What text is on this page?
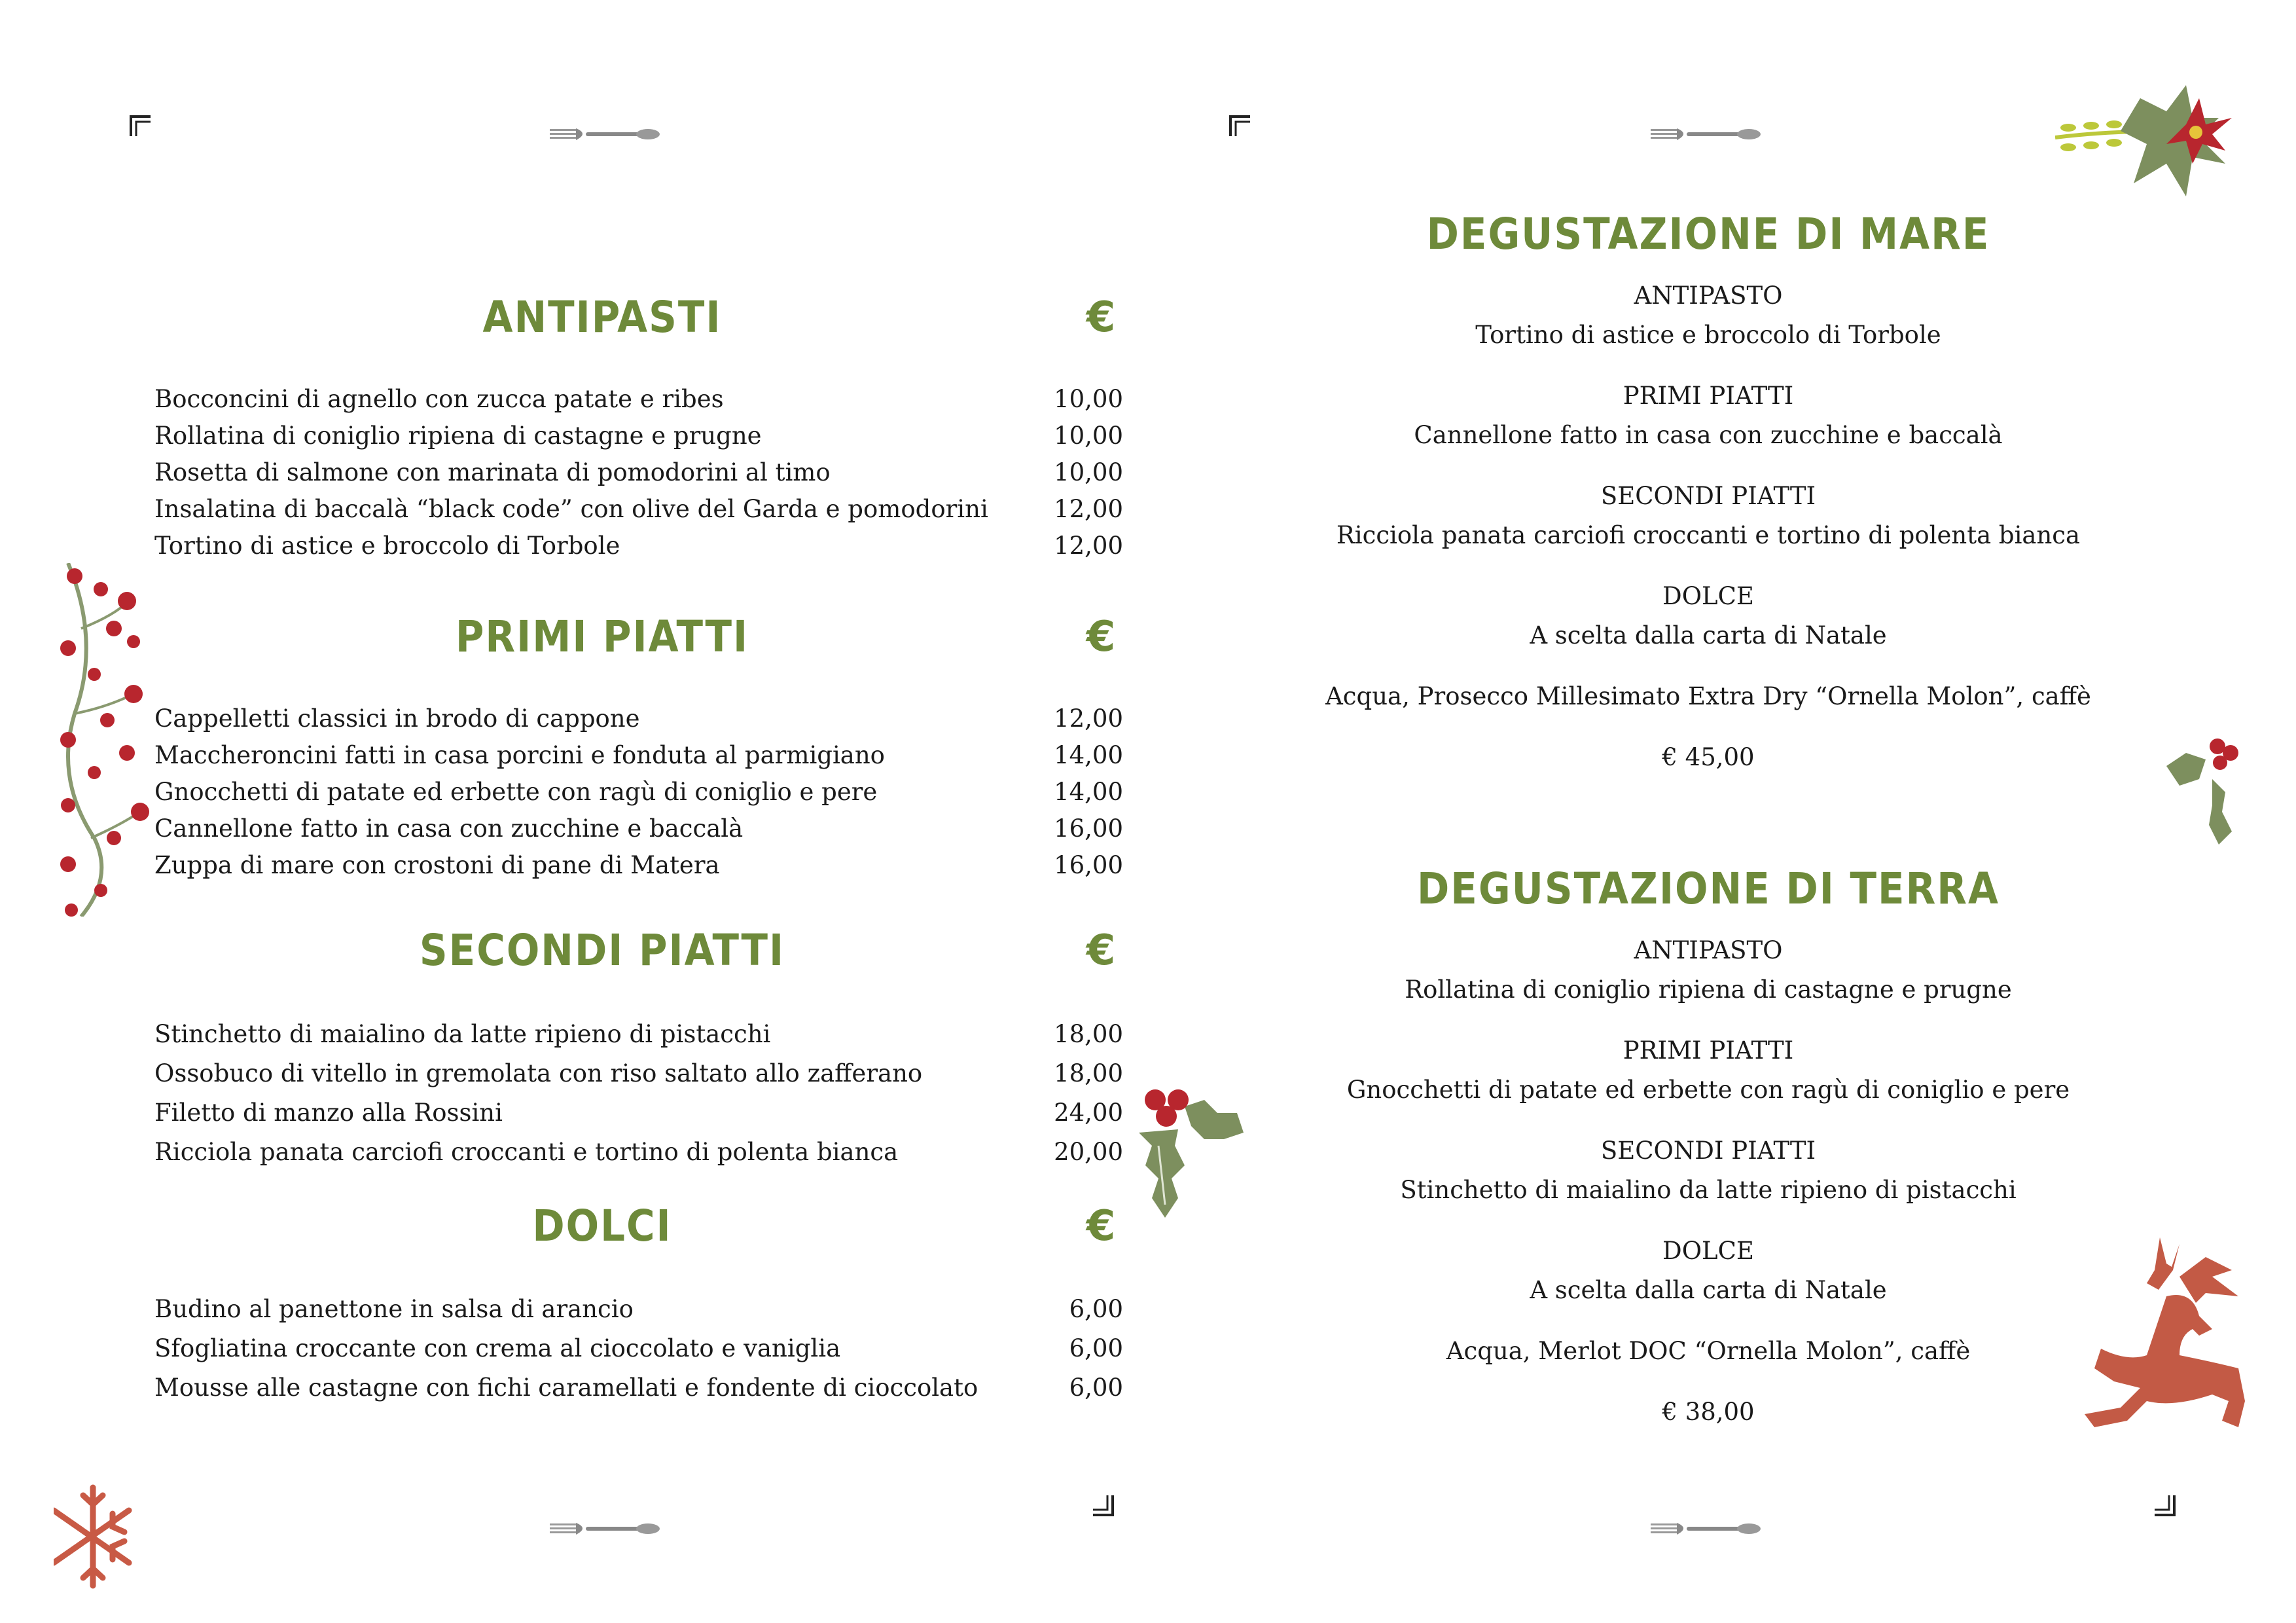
ANTIPASTI	€
Bocconcini di agnello con zucca patate e ribes	10,00
Rollatina di coniglio ripiena di castagne e prugne	10,00
Rosetta di salmone con marinata di pomodorini al timo	10,00
Insalatina di baccalà “black code” con olive del Garda e pomodorini	12,00
Tortino di astice e broccolo di Torbole	12,00
PRIMI PIATTI	€
Cappelletti classici in brodo di cappone	12,00
Maccheroncini fatti in casa porcini e fonduta al parmigiano	14,00
Gnocchetti di patate ed erbette con ragù di coniglio e pere	14,00
Cannellone fatto in casa con zucchine e baccalà	16,00
Zuppa di mare con crostoni di pane di Matera	16,00
SECONDI PIATTI	€
Stinchetto di maialino da latte ripieno di pistacchi	18,00
Ossobuco di vitello in gremolata con riso saltato allo zafferano	18,00
Filetto di manzo alla Rossini	24,00
Ricciola panata carciofi croccanti e tortino di polenta bianca	20,00
DOLCI	€
Budino al panettone in salsa di arancio	6,00
Sfogliatina croccante con crema al cioccolato e vaniglia	6,00
Mousse alle castagne con fichi caramellati e fondente di cioccolato	6,00
DEGUSTAZIONE DI MARE
ANTIPASTO
Tortino di astice e broccolo di Torbole
PRIMI PIATTI
Cannellone fatto in casa con zucchine e baccalà
SECONDI PIATTI
Ricciola panata carciofi croccanti e tortino di polenta bianca
DOLCE
A scelta dalla carta di Natale
Acqua, Prosecco Millesimato Extra Dry “Ornella Molon”, caffè
€ 45,00
DEGUSTAZIONE DI TERRA
ANTIPASTO
Rollatina di coniglio ripiena di castagne e prugne
PRIMI PIATTI
Gnocchetti di patate ed erbette con ragù di coniglio e pere
SECONDI PIATTI
Stinchetto di maialino da latte ripieno di pistacchi
DOLCE
A scelta dalla carta di Natale
Acqua, Merlot DOC “Ornella Molon”, caffè
€ 38,00
